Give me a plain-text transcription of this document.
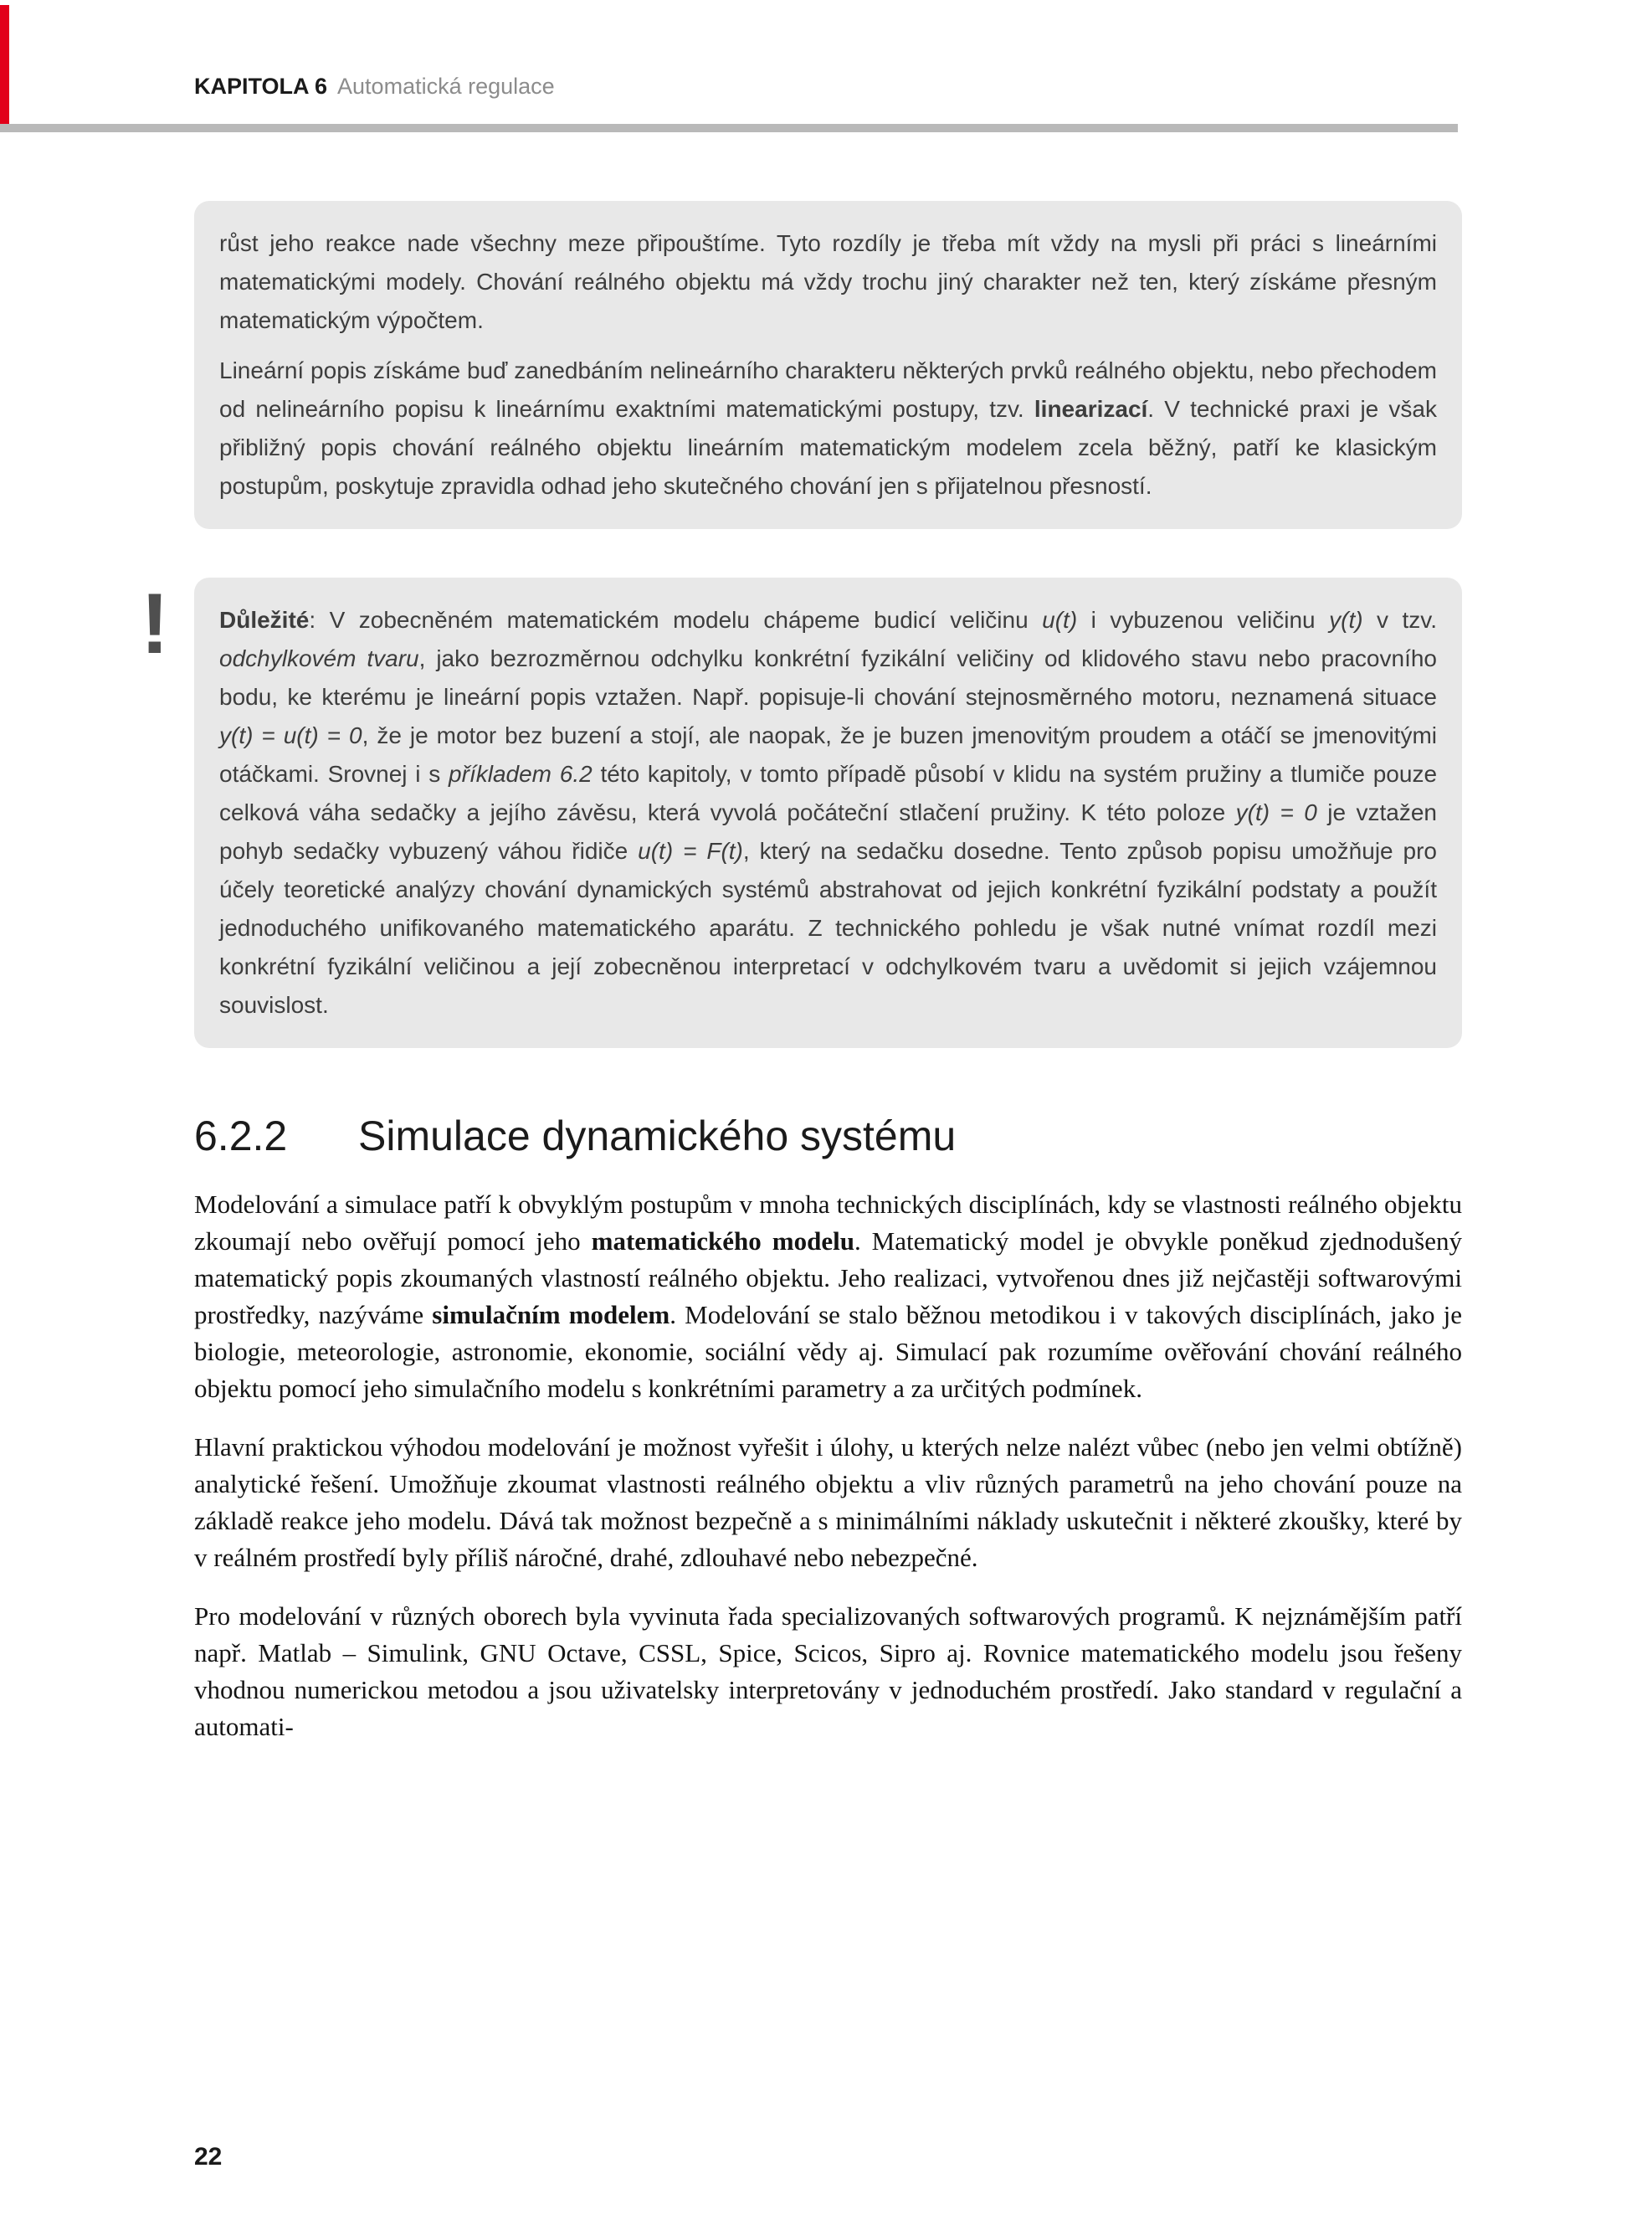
KAPITOLA 6 Automatická regulace

růst jeho reakce nade všechny meze připouštíme. Tyto rozdíly je třeba mít vždy na mysli při práci s lineárními matematickými modely. Chování reálného objektu má vždy trochu jiný charakter než ten, který získáme přesným matematickým výpočtem.

Lineární popis získáme buď zanedbáním nelineárního charakteru některých prvků reálného objektu, nebo přechodem od nelineárního popisu k lineárnímu exaktními matematickými postupy, tzv. linearizací. V technické praxi je však přibližný popis chování reálného objektu lineárním matematickým modelem zcela běžný, patří ke klasickým postupům, poskytuje zpravidla odhad jeho skutečného chování jen s přijatelnou přesností.

! Důležité: V zobecněném matematickém modelu chápeme budicí veličinu u(t) i vybuzenou veličinu y(t) v tzv. odchylkovém tvaru, jako bezrozměrnou odchylku konkrétní fyzikální veličiny od klidového stavu nebo pracovního bodu, ke kterému je lineární popis vztažen. Např. popisuje-li chování stejnosměrného motoru, neznamená situace y(t) = u(t) = 0, že je motor bez buzení a stojí, ale naopak, že je buzen jmenovitým proudem a otáčí se jmenovitými otáčkami. Srovnej i s příkladem 6.2 této kapitoly, v tomto případě působí v klidu na systém pružiny a tlumiče pouze celková váha sedačky a jejího závěsu, která vyvolá počáteční stlačení pružiny. K této poloze y(t) = 0 je vztažen pohyb sedačky vybuzený váhou řidiče u(t) = F(t), který na sedačku dosedne. Tento způsob popisu umožňuje pro účely teoretické analýzy chování dynamických systémů abstrahovat od jejich konkrétní fyzikální podstaty a použít jednoduchého unifikovaného matematického aparátu. Z technického pohledu je však nutné vnímat rozdíl mezi konkrétní fyzikální veličinou a její zobecněnou interpretací v odchylkovém tvaru a uvědomit si jejich vzájemnou souvislost.

6.2.2 Simulace dynamického systému

Modelování a simulace patří k obvyklým postupům v mnoha technických disciplínách, kdy se vlastnosti reálného objektu zkoumají nebo ověřují pomocí jeho matematického modelu. Matematický model je obvykle poněkud zjednodušený matematický popis zkoumaných vlastností reálného objektu. Jeho realizaci, vytvořenou dnes již nejčastěji softwarovými prostředky, nazýváme simulačním modelem. Modelování se stalo běžnou metodikou i v takových disciplínách, jako je biologie, meteorologie, astronomie, ekonomie, sociální vědy aj. Simulací pak rozumíme ověřování chování reálného objektu pomocí jeho simulačního modelu s konkrétními parametry a za určitých podmínek.

Hlavní praktickou výhodou modelování je možnost vyřešit i úlohy, u kterých nelze nalézt vůbec (nebo jen velmi obtížně) analytické řešení. Umožňuje zkoumat vlastnosti reálného objektu a vliv různých parametrů na jeho chování pouze na základě reakce jeho modelu. Dává tak možnost bezpečně a s minimálními náklady uskutečnit i některé zkoušky, které by v reálném prostředí byly příliš náročné, drahé, zdlouhavé nebo nebezpečné.

Pro modelování v různých oborech byla vyvinuta řada specializovaných softwarových programů. K nejznámějším patří např. Matlab – Simulink, GNU Octave, CSSL, Spice, Scicos, Sipro aj. Rovnice matematického modelu jsou řešeny vhodnou numerickou metodou a jsou uživatelsky interpretovány v jednoduchém prostředí. Jako standard v regulační a automati-

22
